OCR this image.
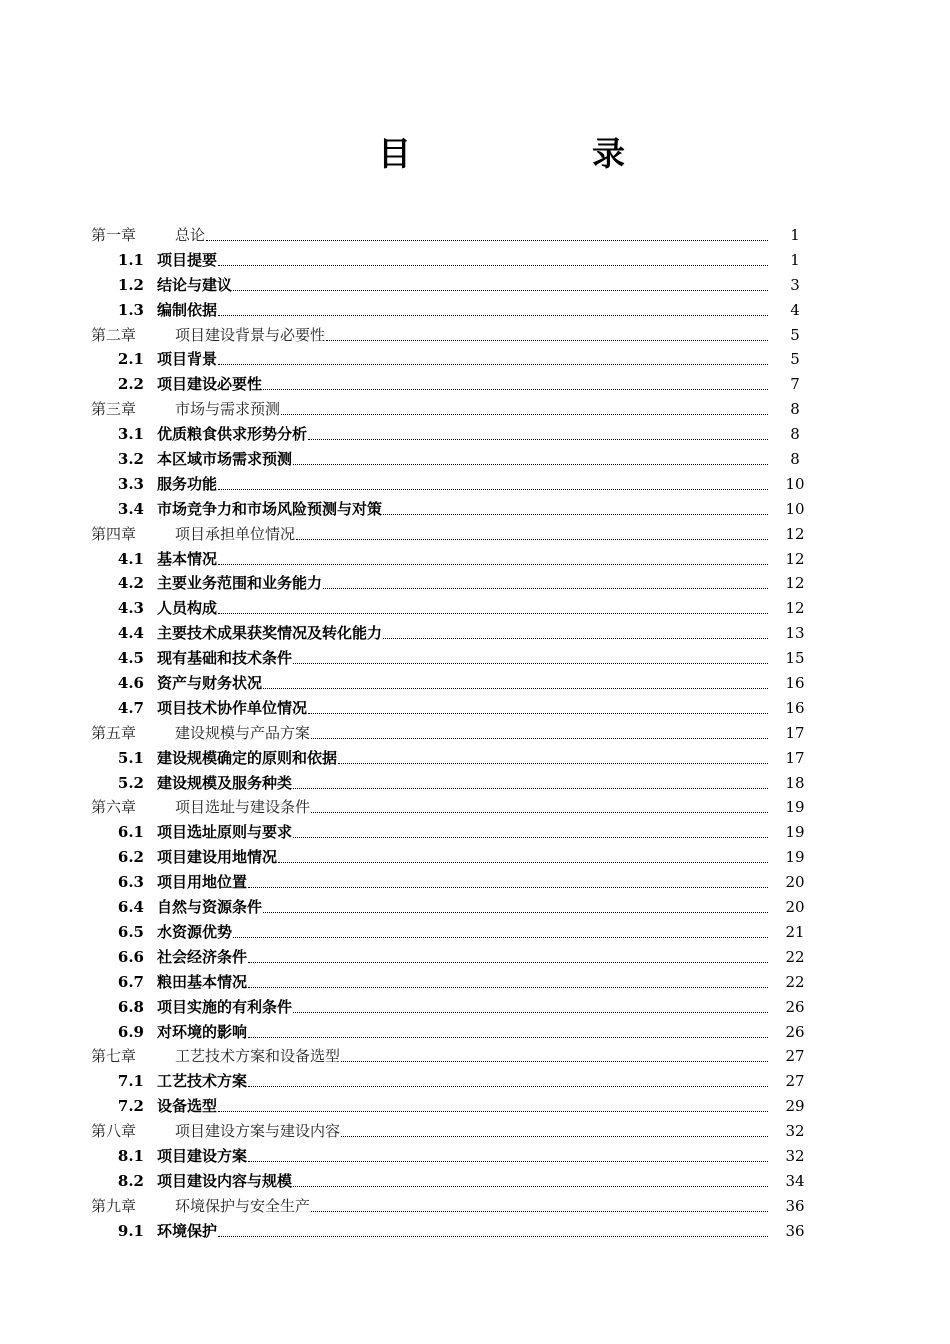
目	录
第一章	总论	1
1.1 项目提要	1
1.2 结论与建议	3
1.3 编制依据	4
第二章	项目建设背景与必要性	5
2.1 项目背景	5
2.2 项目建设必要性	7
第三章	市场与需求预测	8
3.1 优质粮食供求形势分析	8
3.2 本区域市场需求预测	8
3.3 服务功能	10
3.4 市场竞争力和市场风险预测与对策	10
第四章	项目承担单位情况	12
4.1 基本情况	12
4.2 主要业务范围和业务能力	12
4.3 人员构成	12
4.4 主要技术成果获奖情况及转化能力	13
4.5 现有基础和技术条件	15
4.6 资产与财务状况	16
4.7 项目技术协作单位情况	16
第五章	建设规模与产品方案	17
5.1 建设规模确定的原则和依据	17
5.2 建设规模及服务种类	18
第六章	项目选址与建设条件	19
6.1 项目选址原则与要求	19
6.2 项目建设用地情况	19
6.3 项目用地位置	20
6.4 自然与资源条件	20
6.5 水资源优势	21
6.6 社会经济条件	22
6.7 粮田基本情况	22
6.8 项目实施的有利条件	26
6.9 对环境的影响	26
第七章	工艺技术方案和设备选型	27
7.1 工艺技术方案	27
7.2 设备选型	29
第八章	项目建设方案与建设内容	32
8.1 项目建设方案	32
8.2 项目建设内容与规模	34
第九章	环境保护与安全生产	36
9.1 环境保护	36
